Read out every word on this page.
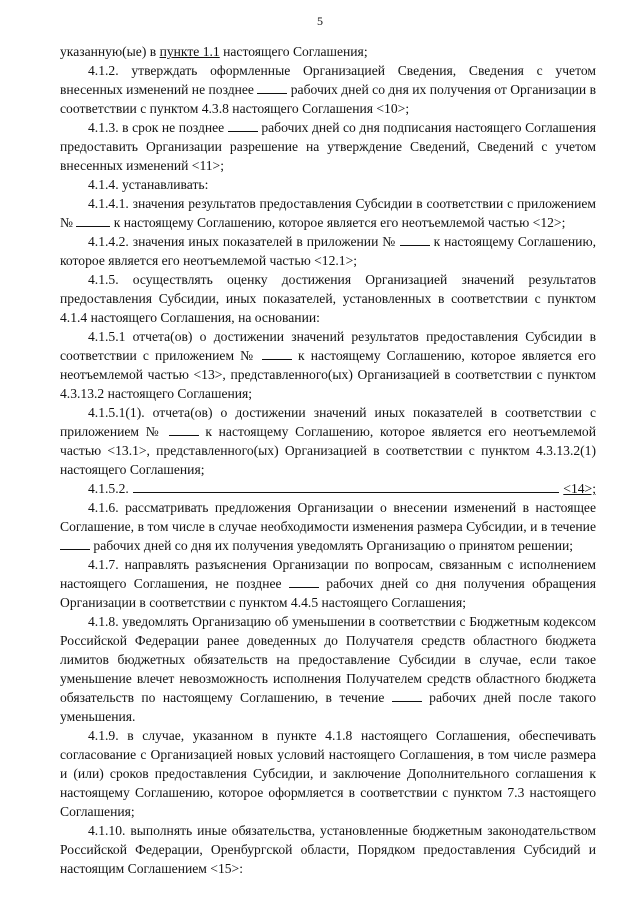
5

указанную(ые) в пункте 1.1 настоящего Соглашения;

4.1.2. утверждать оформленные Организацией Сведения, Сведения с учетом внесенных изменений не позднее  рабочих дней со дня их получения от Организации в соответствии с пунктом 4.3.8 настоящего Соглашения <10>;

4.1.3. в срок не позднее  рабочих дней со дня подписания настоящего Соглашения предоставить Организации разрешение на утверждение Сведений, Сведений с учетом внесенных изменений <11>;

4.1.4. устанавливать:

4.1.4.1. значения результатов предоставления Субсидии в соответствии с приложением №	к настоящему Соглашению, которое является его неотъемлемой частью <12>;

4.1.4.2. значения иных показателей в приложении №  к настоящему Соглашению, которое является его неотъемлемой частью <12.1>;

4.1.5. осуществлять оценку достижения Организацией значений результатов предоставления Субсидии, иных показателей, установленных в соответствии с пунктом 4.1.4 настоящего Соглашения, на основании:

4.1.5.1 отчета(ов) о достижении значений результатов предоставления Субсидии в соответствии с приложением №  к настоящему Соглашению, которое является его неотъемлемой частью <13>, представленного(ых) Организацией в соответствии с пунктом 4.3.13.2 настоящего Соглашения;

4.1.5.1(1). отчета(ов) о достижении значений иных показателей в соответствии с приложением №  к настоящему Соглашению, которое является его неотъемлемой частью <13.1>, представленного(ых) Организацией в соответствии с пунктом 4.3.13.2(1) настоящего Соглашения;

4.1.5.2.	<14>;

4.1.6. рассматривать предложения Организации о внесении изменений в настоящее Соглашение, в том числе в случае необходимости изменения размера Субсидии, и в течение  рабочих дней со дня их получения уведомлять Организацию о принятом решении;

4.1.7. направлять разъяснения Организации по вопросам, связанным с исполнением настоящего Соглашения, не позднее  рабочих дней со дня получения обращения Организации в соответствии с пунктом 4.4.5 настоящего Соглашения;

4.1.8. уведомлять Организацию об уменьшении в соответствии с Бюджетным кодексом Российской Федерации ранее доведенных до Получателя средств областного бюджета лимитов бюджетных обязательств на предоставление Субсидии в случае, если такое уменьшение влечет невозможность исполнения Получателем средств областного бюджета обязательств по настоящему Соглашению, в течение  рабочих дней после такого уменьшения.

4.1.9. в случае, указанном в пункте 4.1.8 настоящего Соглашения, обеспечивать согласование с Организацией новых условий настоящего Соглашения, в том числе размера и (или) сроков предоставления Субсидии, и заключение Дополнительного соглашения к настоящему Соглашению, которое оформляется в соответствии с пунктом 7.3 настоящего Соглашения;

4.1.10. выполнять иные обязательства, установленные бюджетным законодательством Российской Федерации, Оренбургской области, Порядком предоставления Субсидий и настоящим Соглашением <15>:
